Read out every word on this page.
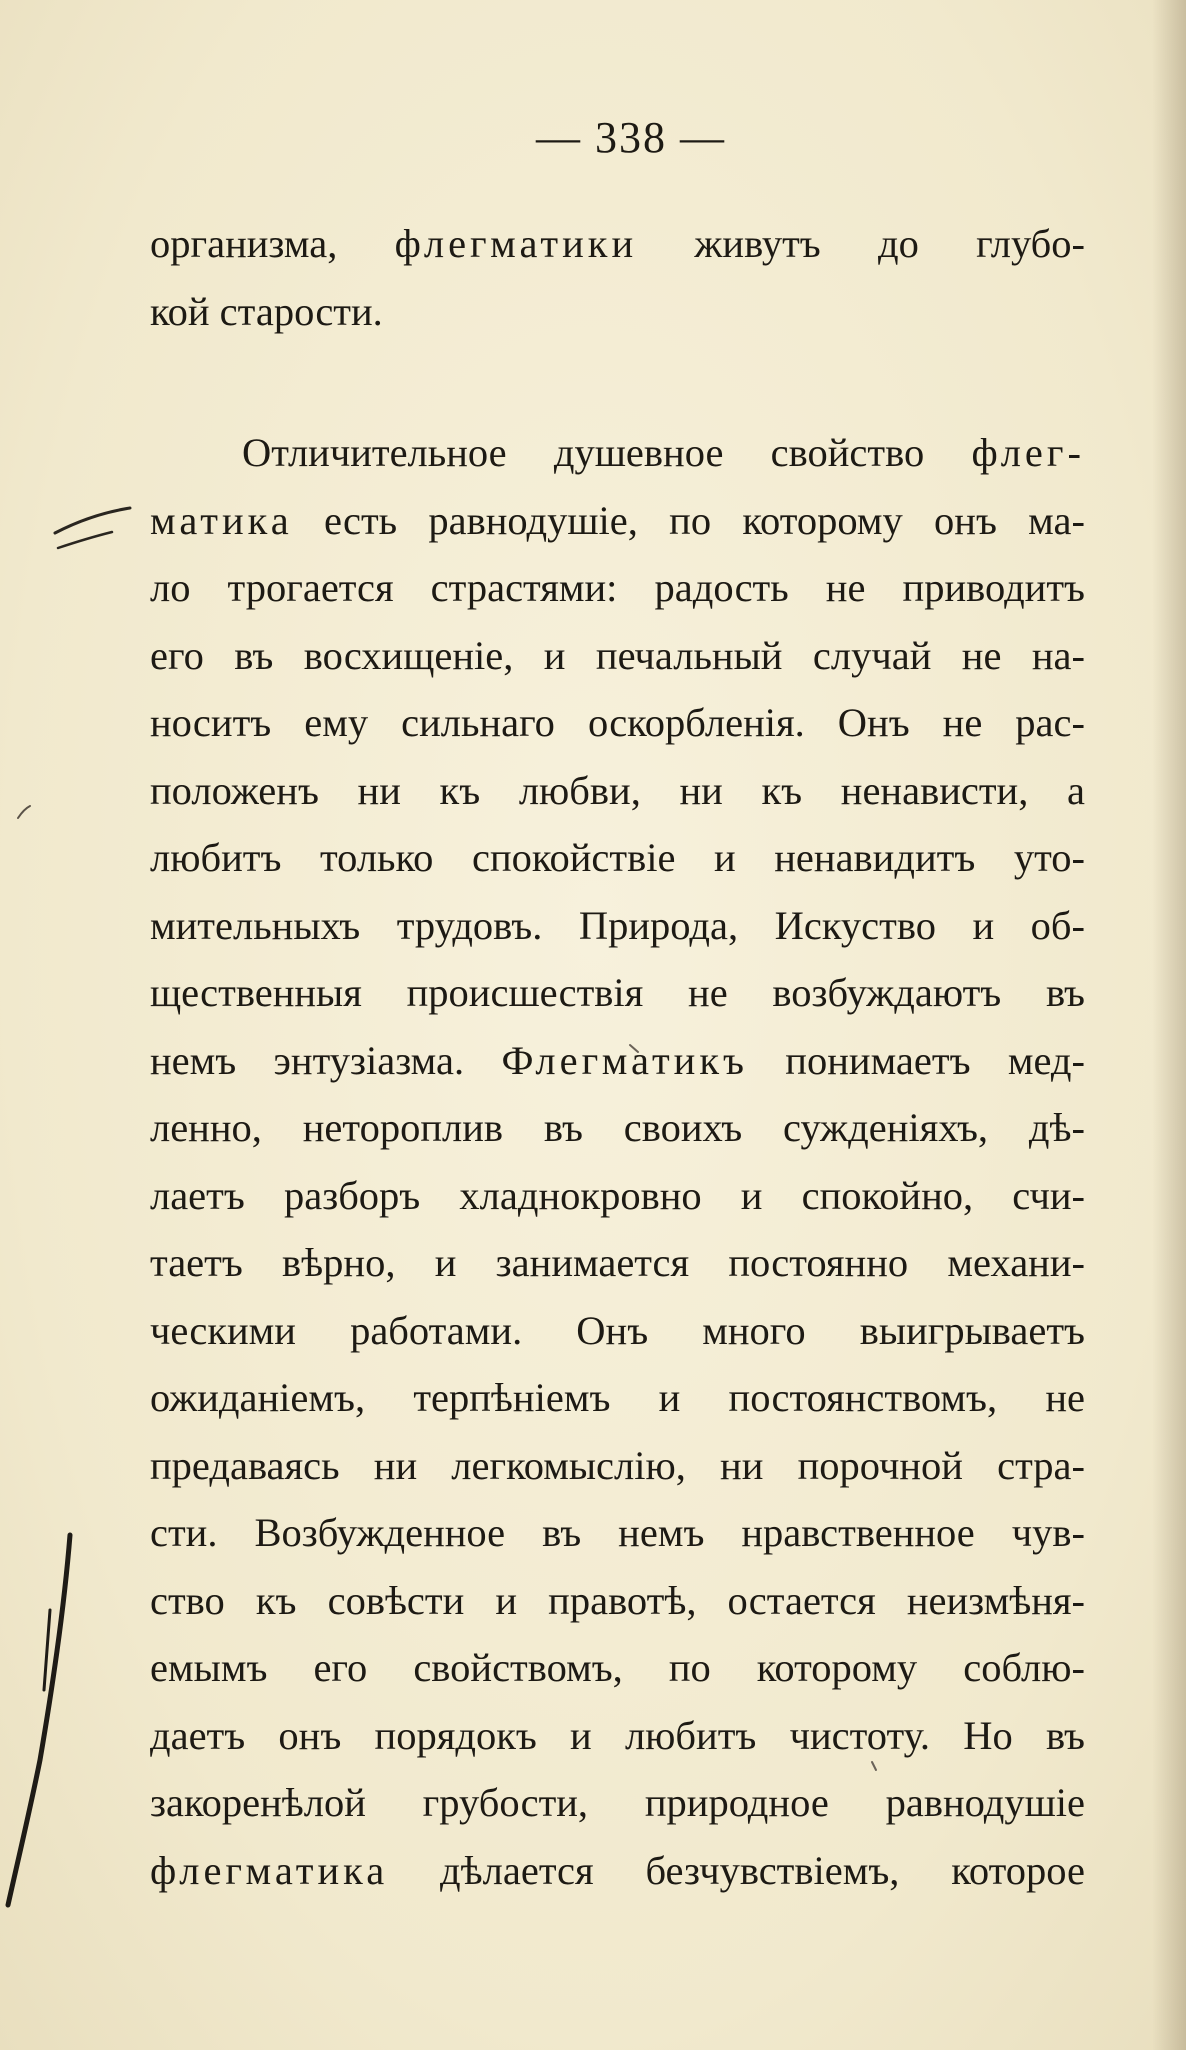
— 338 —
организма, флегматики живутъ до глубо-
кой старости.
Отличительное душевное свойство флег-
матика есть равнодушіе, по которому онъ ма-
ло трогается страстями: радость не приводитъ
его въ восхищеніе, и печальный случай не на-
носитъ ему сильнаго оскорбленія. Онъ не рас-
положенъ ни къ любви, ни къ ненависти, а
любитъ только спокойствіе и ненавидитъ уто-
мительныхъ трудовъ. Природа, Искуство и об-
щественныя происшествія не возбуждаютъ въ
немъ энтузіазма. Флегматикъ понимаетъ мед-
ленно, нетороплив въ своихъ сужденіяхъ, дѣ-
лаетъ разборъ хладнокровно и спокойно, счи-
таетъ вѣрно, и занимается постоянно механи-
ческими работами. Онъ много выигрываетъ
ожиданіемъ, терпѣніемъ и постоянствомъ, не
предаваясь ни легкомыслію, ни порочной стра-
сти. Возбужденное въ немъ нравственное чув-
ство къ совѣсти и правотѣ, остается неизмѣня-
емымъ его свойствомъ, по которому соблю-
даетъ онъ порядокъ и любитъ чистоту. Но въ
закоренѣлой грубости, природное равнодушіе
флегматика дѣлается безчувствіемъ, которое
